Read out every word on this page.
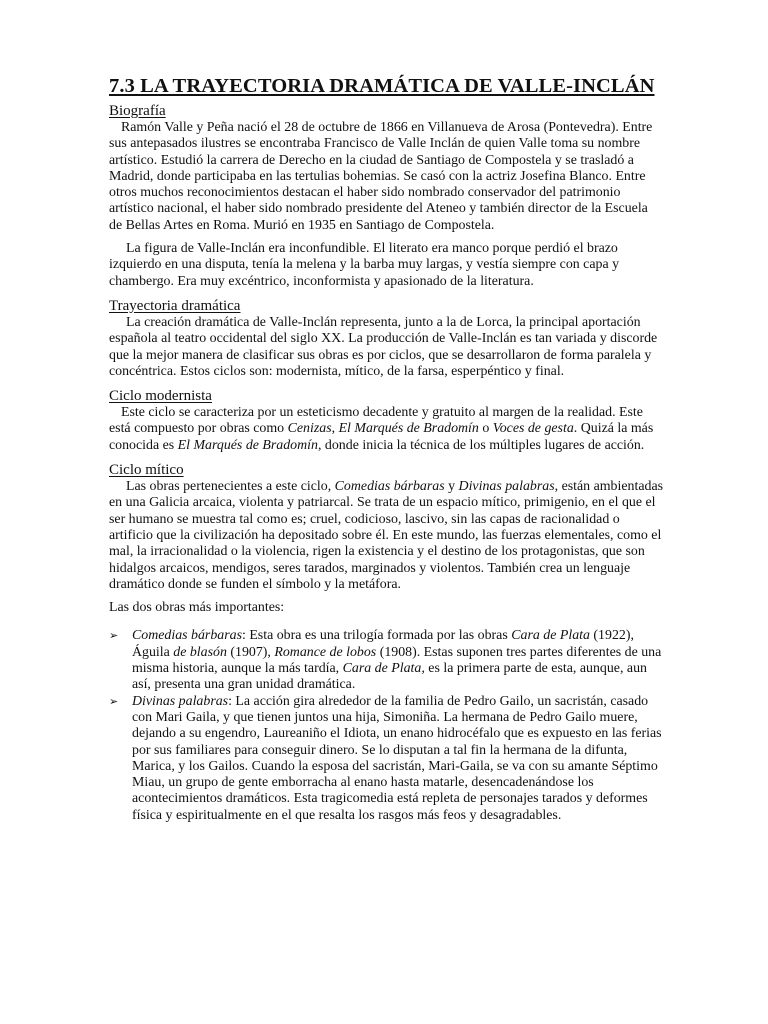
7.3 LA TRAYECTORIA DRAMÁTICA DE VALLE-INCLÁN
Biografía

Ramón Valle y Peña nació el 28 de octubre de 1866 en Villanueva de Arosa (Pontevedra). Entre sus antepasados ilustres se encontraba Francisco de Valle Inclán de quien Valle toma su nombre artístico. Estudió la carrera de Derecho en la ciudad de Santiago de Compostela y se trasladó a Madrid, donde participaba en las tertulias bohemias. Se casó con la actriz Josefina Blanco. Entre otros muchos reconocimientos destacan el haber sido nombrado conservador del patrimonio artístico nacional, el haber sido nombrado presidente del Ateneo y también director de la Escuela de Bellas Artes en Roma. Murió en 1935 en Santiago de Compostela.

La figura de Valle-Inclán era inconfundible. El literato era manco porque perdió el brazo izquierdo en una disputa, tenía la melena y la barba muy largas, y vestía siempre con capa y chambergo. Era muy excéntrico, inconformista y apasionado de la literatura.

Trayectoria dramática

La creación dramática de Valle-Inclán representa, junto a la de Lorca, la principal aportación española al teatro occidental del siglo XX. La producción de Valle-Inclán es tan variada y discorde que la mejor manera de clasificar sus obras es por ciclos, que se desarrollaron de forma paralela y concéntrica. Estos ciclos son: modernista, mítico, de la farsa, esperpéntico y final.

Ciclo modernista

Este ciclo se caracteriza por un esteticismo decadente y gratuito al margen de la realidad. Este está compuesto por obras como Cenizas, El Marqués de Bradomín o Voces de gesta. Quizá la más conocida es El Marqués de Bradomín, donde inicia la técnica de los múltiples lugares de acción.

Ciclo mítico

Las obras pertenecientes a este ciclo, Comedias bárbaras y Divinas palabras, están ambientadas en una Galicia arcaica, violenta y patriarcal. Se trata de un espacio mítico, primigenio, en el que el ser humano se muestra tal como es; cruel, codicioso, lascivo, sin las capas de racionalidad o artificio que la civilización ha depositado sobre él. En este mundo, las fuerzas elementales, como el mal, la irracionalidad o la violencia, rigen la existencia y el destino de los protagonistas, que son hidalgos arcaicos, mendigos, seres tarados, marginados y violentos. También crea un lenguaje dramático donde se funden el símbolo y la metáfora.

Las dos obras más importantes:

➢ Comedias bárbaras: Esta obra es una trilogía formada por las obras Cara de Plata (1922), Águila de blasón (1907), Romance de lobos (1908). Estas suponen tres partes diferentes de una misma historia, aunque la más tardía, Cara de Plata, es la primera parte de esta, aunque, aun así, presenta una gran unidad dramática.
➢ Divinas palabras: La acción gira alrededor de la familia de Pedro Gailo, un sacristán, casado con Mari Gaila, y que tienen juntos una hija, Simoniña. La hermana de Pedro Gailo muere, dejando a su engendro, Laureaniño el Idiota, un enano hidrocéfalo que es expuesto en las ferias por sus familiares para conseguir dinero. Se lo disputan a tal fin la hermana de la difunta, Marica, y los Gailos. Cuando la esposa del sacristán, Mari-Gaila, se va con su amante Séptimo Miau, un grupo de gente emborracha al enano hasta matarle, desencadenándose los acontecimientos dramáticos. Esta tragicomedia está repleta de personajes tarados y deformes física y espiritualmente en el que resalta los rasgos más feos y desagradables.
